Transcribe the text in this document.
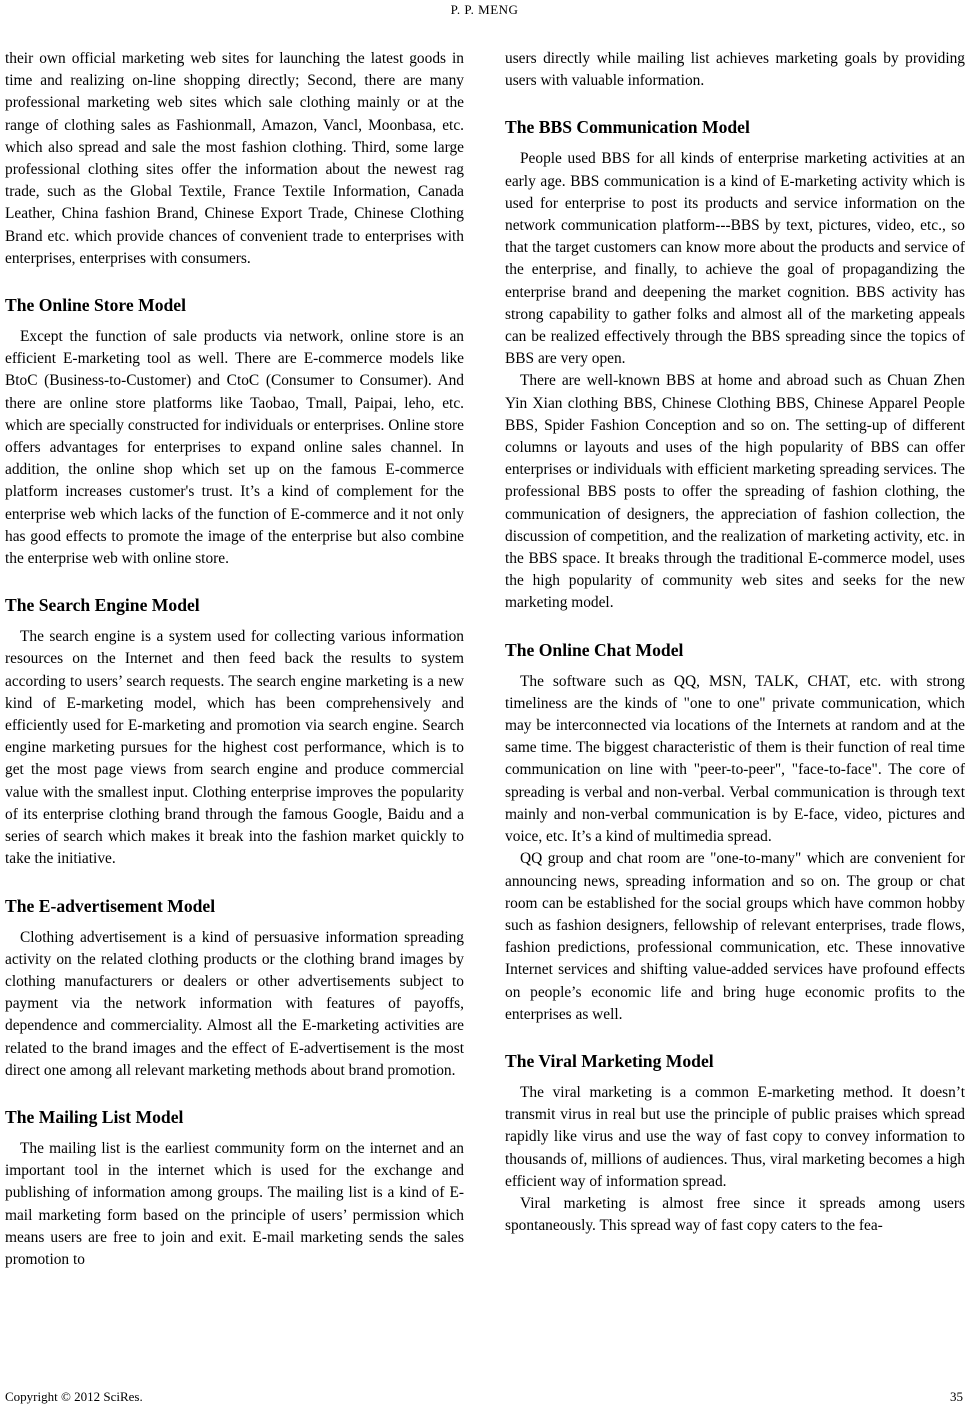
P. P. MENG

their own official marketing web sites for launching the latest goods in time and realizing on-line shopping directly; Second, there are many professional marketing web sites which sale clothing mainly or at the range of clothing sales as Fashionmall, Amazon, Vancl, Moonbasa, etc. which also spread and sale the most fashion clothing. Third, some large professional clothing sites offer the information about the newest rag trade, such as the Global Textile, France Textile Information, Canada Leather, China fashion Brand, Chinese Export Trade, Chinese Clothing Brand etc. which provide chances of convenient trade to enterprises with enterprises, enterprises with consumers.

The Online Store Model

Except the function of sale products via network, online store is an efficient E-marketing tool as well. There are E-commerce models like BtoC (Business-to-Customer) and CtoC (Consumer to Consumer). And there are online store platforms like Taobao, Tmall, Paipai, leho, etc. which are specially constructed for individuals or enterprises. Online store offers advantages for enterprises to expand online sales channel. In addition, the online shop which set up on the famous E-commerce platform increases customer's trust. It’s a kind of complement for the enterprise web which lacks of the function of E-commerce and it not only has good effects to promote the image of the enterprise but also combine the enterprise web with online store.

The Search Engine Model

The search engine is a system used for collecting various information resources on the Internet and then feed back the results to system according to users’ search requests. The search engine marketing is a new kind of E-marketing model, which has been comprehensively and efficiently used for E-marketing and promotion via search engine. Search engine marketing pursues for the highest cost performance, which is to get the most page views from search engine and produce commercial value with the smallest input. Clothing enterprise improves the popularity of its enterprise clothing brand through the famous Google, Baidu and a series of search which makes it break into the fashion market quickly to take the initiative.

The E-advertisement Model

Clothing advertisement is a kind of persuasive information spreading activity on the related clothing products or the clothing brand images by clothing manufacturers or dealers or other advertisements subject to payment via the network information with features of payoffs, dependence and commerciality. Almost all the E-marketing activities are related to the brand images and the effect of E-advertisement is the most direct one among all relevant marketing methods about brand promotion.

The Mailing List Model

The mailing list is the earliest community form on the internet and an important tool in the internet which is used for the exchange and publishing of information among groups. The mailing list is a kind of E-mail marketing form based on the principle of users’ permission which means users are free to join and exit. E-mail marketing sends the sales promotion to

users directly while mailing list achieves marketing goals by providing users with valuable information.

The BBS Communication Model

People used BBS for all kinds of enterprise marketing activities at an early age. BBS communication is a kind of E-marketing activity which is used for enterprise to post its products and service information on the network communication platform---BBS by text, pictures, video, etc., so that the target customers can know more about the products and service of the enterprise, and finally, to achieve the goal of propagandizing the enterprise brand and deepening the market cognition. BBS activity has strong capability to gather folks and almost all of the marketing appeals can be realized effectively through the BBS spreading since the topics of BBS are very open.

There are well-known BBS at home and abroad such as Chuan Zhen Yin Xian clothing BBS, Chinese Clothing BBS, Chinese Apparel People BBS, Spider Fashion Conception and so on. The setting-up of different columns or layouts and uses of the high popularity of BBS can offer enterprises or individuals with efficient marketing spreading services. The professional BBS posts to offer the spreading of fashion clothing, the communication of designers, the appreciation of fashion collection, the discussion of competition, and the realization of marketing activity, etc. in the BBS space. It breaks through the traditional E-commerce model, uses the high popularity of community web sites and seeks for the new marketing model.

The Online Chat Model

The software such as QQ, MSN, TALK, CHAT, etc. with strong timeliness are the kinds of "one to one" private communication, which may be interconnected via locations of the Internets at random and at the same time. The biggest characteristic of them is their function of real time communication on line with "peer-to-peer", "face-to-face". The core of spreading is verbal and non-verbal. Verbal communication is through text mainly and non-verbal communication is by E-face, video, pictures and voice, etc. It’s a kind of multimedia spread.

QQ group and chat room are "one-to-many" which are convenient for announcing news, spreading information and so on. The group or chat room can be established for the social groups which have common hobby such as fashion designers, fellowship of relevant enterprises, trade flows, fashion predictions, professional communication, etc. These innovative Internet services and shifting value-added services have profound effects on people’s economic life and bring huge economic profits to the enterprises as well.

The Viral Marketing Model

The viral marketing is a common E-marketing method. It doesn’t transmit virus in real but use the principle of public praises which spread rapidly like virus and use the way of fast copy to convey information to thousands of, millions of audiences. Thus, viral marketing becomes a high efficient way of information spread.

Viral marketing is almost free since it spreads among users spontaneously. This spread way of fast copy caters to the fea-

Copyright © 2012 SciRes.	35
